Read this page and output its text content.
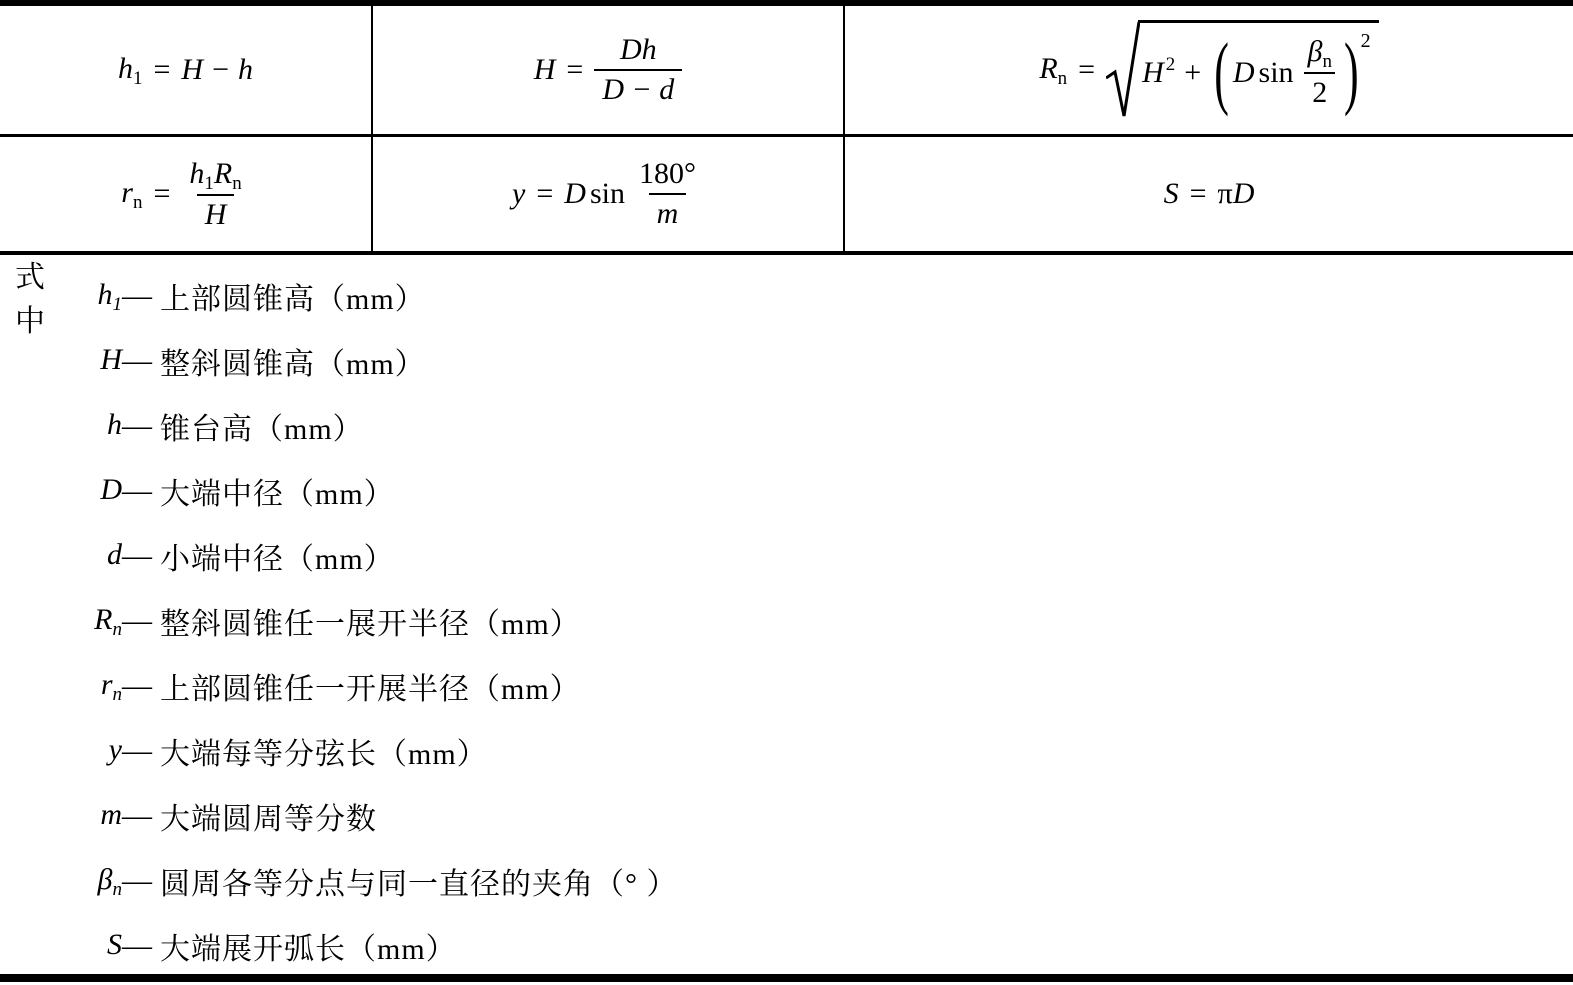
$h_1 = H - h$	$H = \frac{Dh}{D - d}$	$R_n = H$ $^2$ + ( D $\sin \frac{\beta_n}{2}$ ) 2
$r_n = \frac{h_1R_n}{H}$	y = D $\sin \frac{180^\circ}{m}$	S = π D
式中
$h_1$ — 上部圆锥高（mm）
H — 整斜圆锥高（mm）
h — 锥台高（mm）
D — 大端中径（mm）
d — 小端中径（mm）
$R_n$ — 整斜圆锥任一展开半径（mm）
$r_n$ — 上部圆锥任一开展半径（mm）
y — 大端每等分弦长（mm）
m — 大端圆周等分数
$\beta_n$ — 圆周各等分点与同一直径的夹角（° ）
S — 大端展开弧长（mm）
